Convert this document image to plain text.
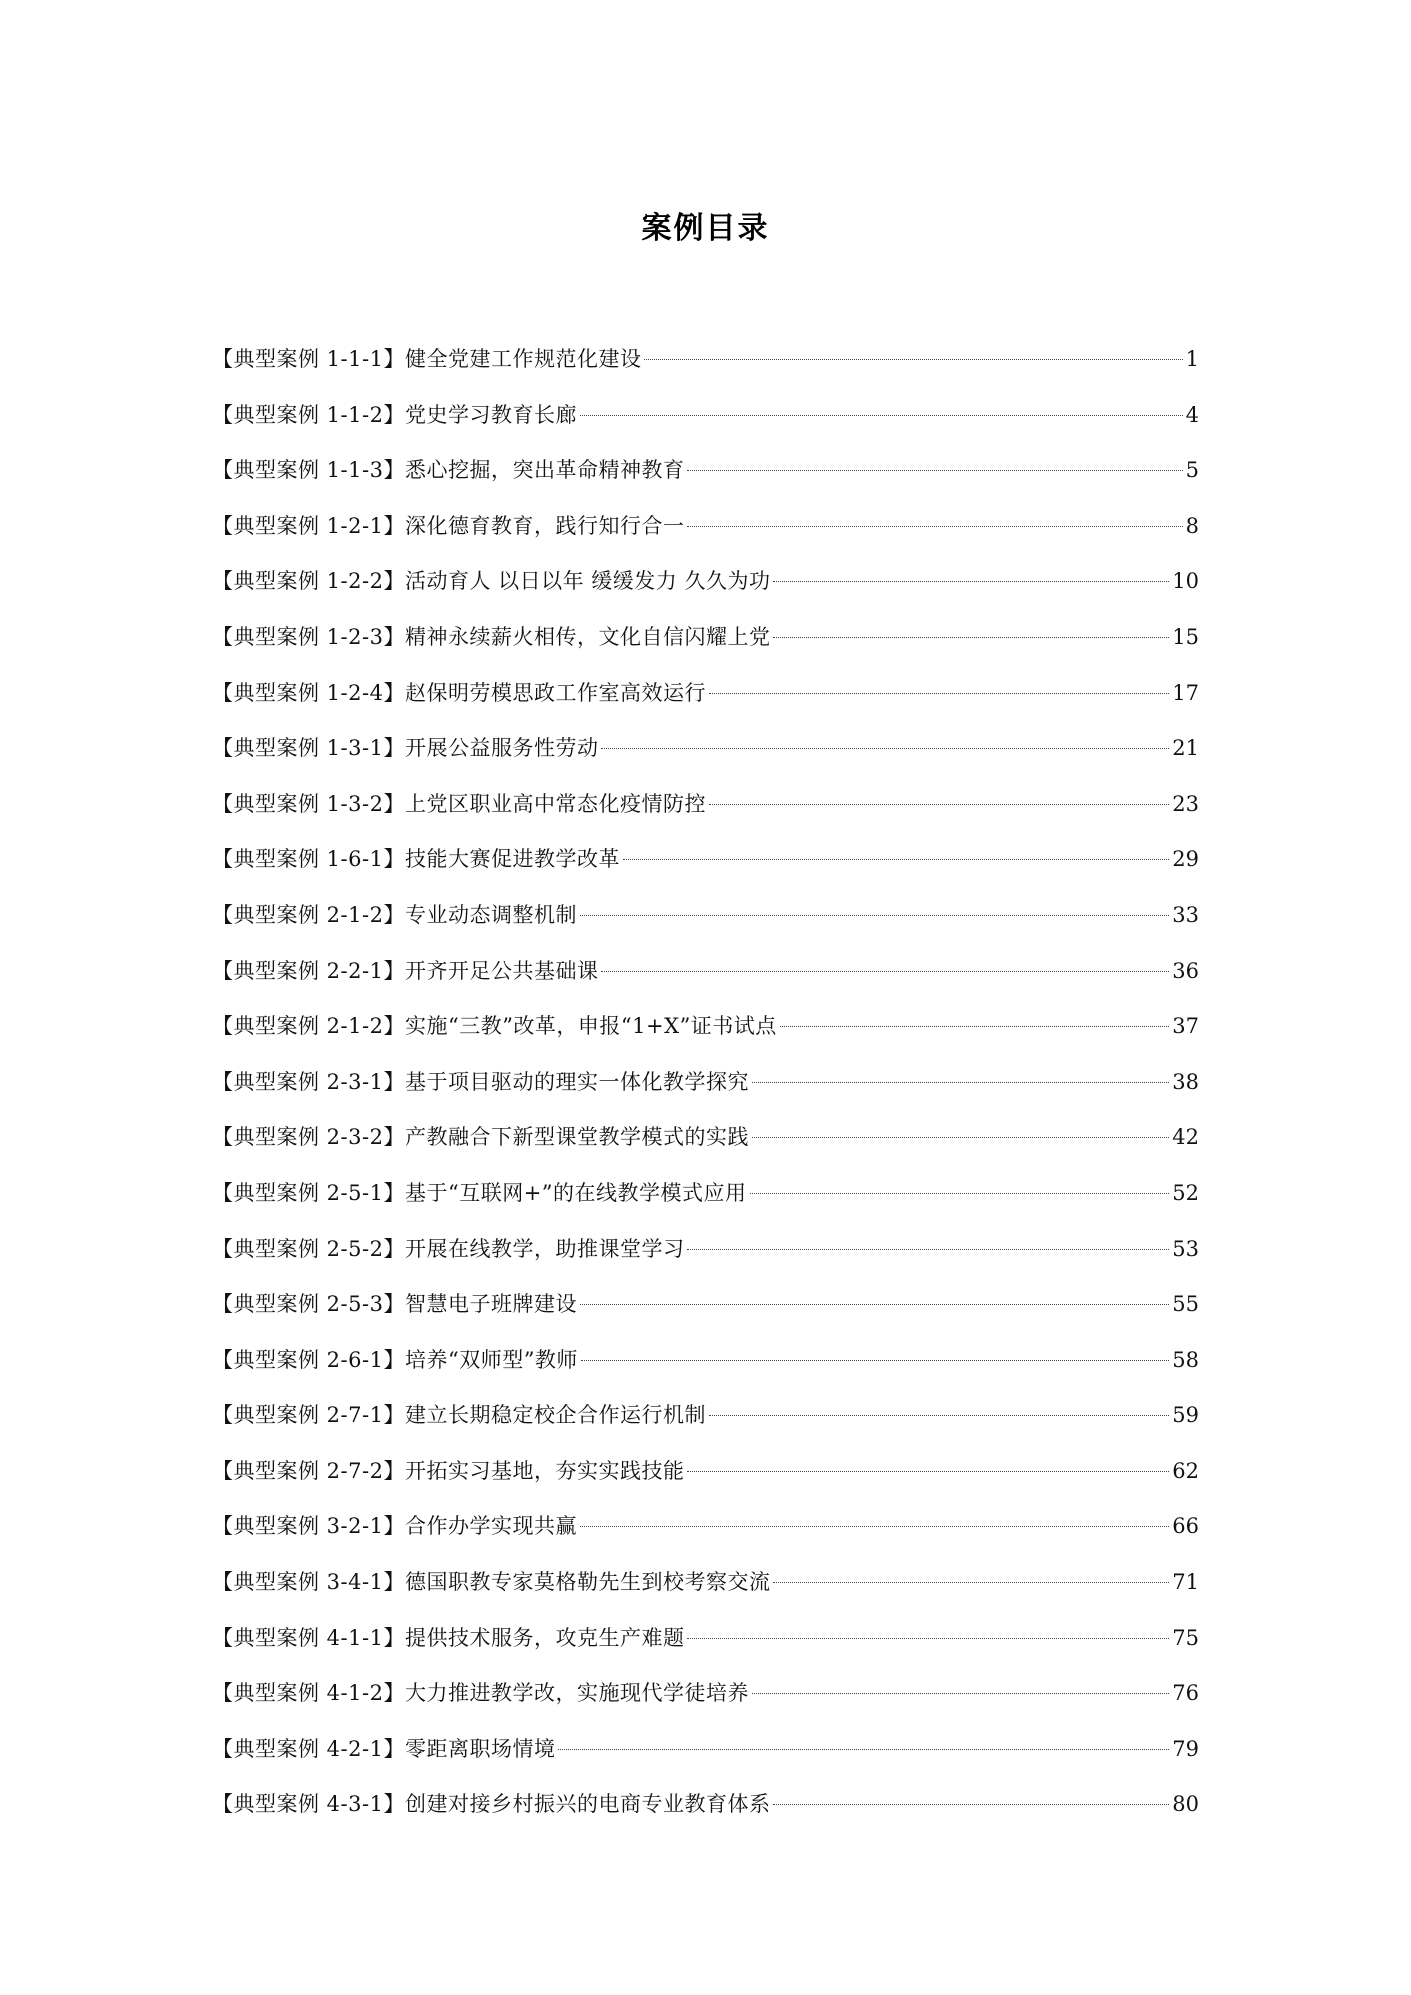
案例目录
【典型案例 1-1-1】 健全党建工作规范化建设	1
【典型案例 1-1-2】 党史学习教育长廊	4
【典型案例 1-1-3】 悉心挖掘，突出革命精神教育	5
【典型案例 1-2-1】 深化德育教育，践行知行合一	8
【典型案例 1-2-2】 活动育人 以日以年 缓缓发力 久久为功	10
【典型案例 1-2-3】 精神永续薪火相传，文化自信闪耀上党	15
【典型案例 1-2-4】 赵保明劳模思政工作室高效运行	17
【典型案例 1-3-1】 开展公益服务性劳动	21
【典型案例 1-3-2】 上党区职业高中常态化疫情防控	23
【典型案例 1-6-1】 技能大赛促进教学改革	29
【典型案例 2-1-2】 专业动态调整机制	33
【典型案例 2-2-1】 开齐开足公共基础课	36
【典型案例 2-1-2】 实施“三教”改革，申报“1+X”证书试点	37
【典型案例 2-3-1】 基于项目驱动的理实一体化教学探究	38
【典型案例 2-3-2】 产教融合下新型课堂教学模式的实践	42
【典型案例 2-5-1】 基于“互联网+”的在线教学模式应用	52
【典型案例 2-5-2】 开展在线教学，助推课堂学习	53
【典型案例 2-5-3】 智慧电子班牌建设	55
【典型案例 2-6-1】 培养“双师型”教师	58
【典型案例 2-7-1】 建立长期稳定校企合作运行机制	59
【典型案例 2-7-2】 开拓实习基地，夯实实践技能	62
【典型案例 3-2-1】 合作办学实现共赢	66
【典型案例 3-4-1】 德国职教专家莫格勒先生到校考察交流	71
【典型案例 4-1-1】 提供技术服务，攻克生产难题	75
【典型案例 4-1-2】 大力推进教学改，实施现代学徒培养	76
【典型案例 4-2-1】 零距离职场情境	79
【典型案例 4-3-1】 创建对接乡村振兴的电商专业教育体系	80
